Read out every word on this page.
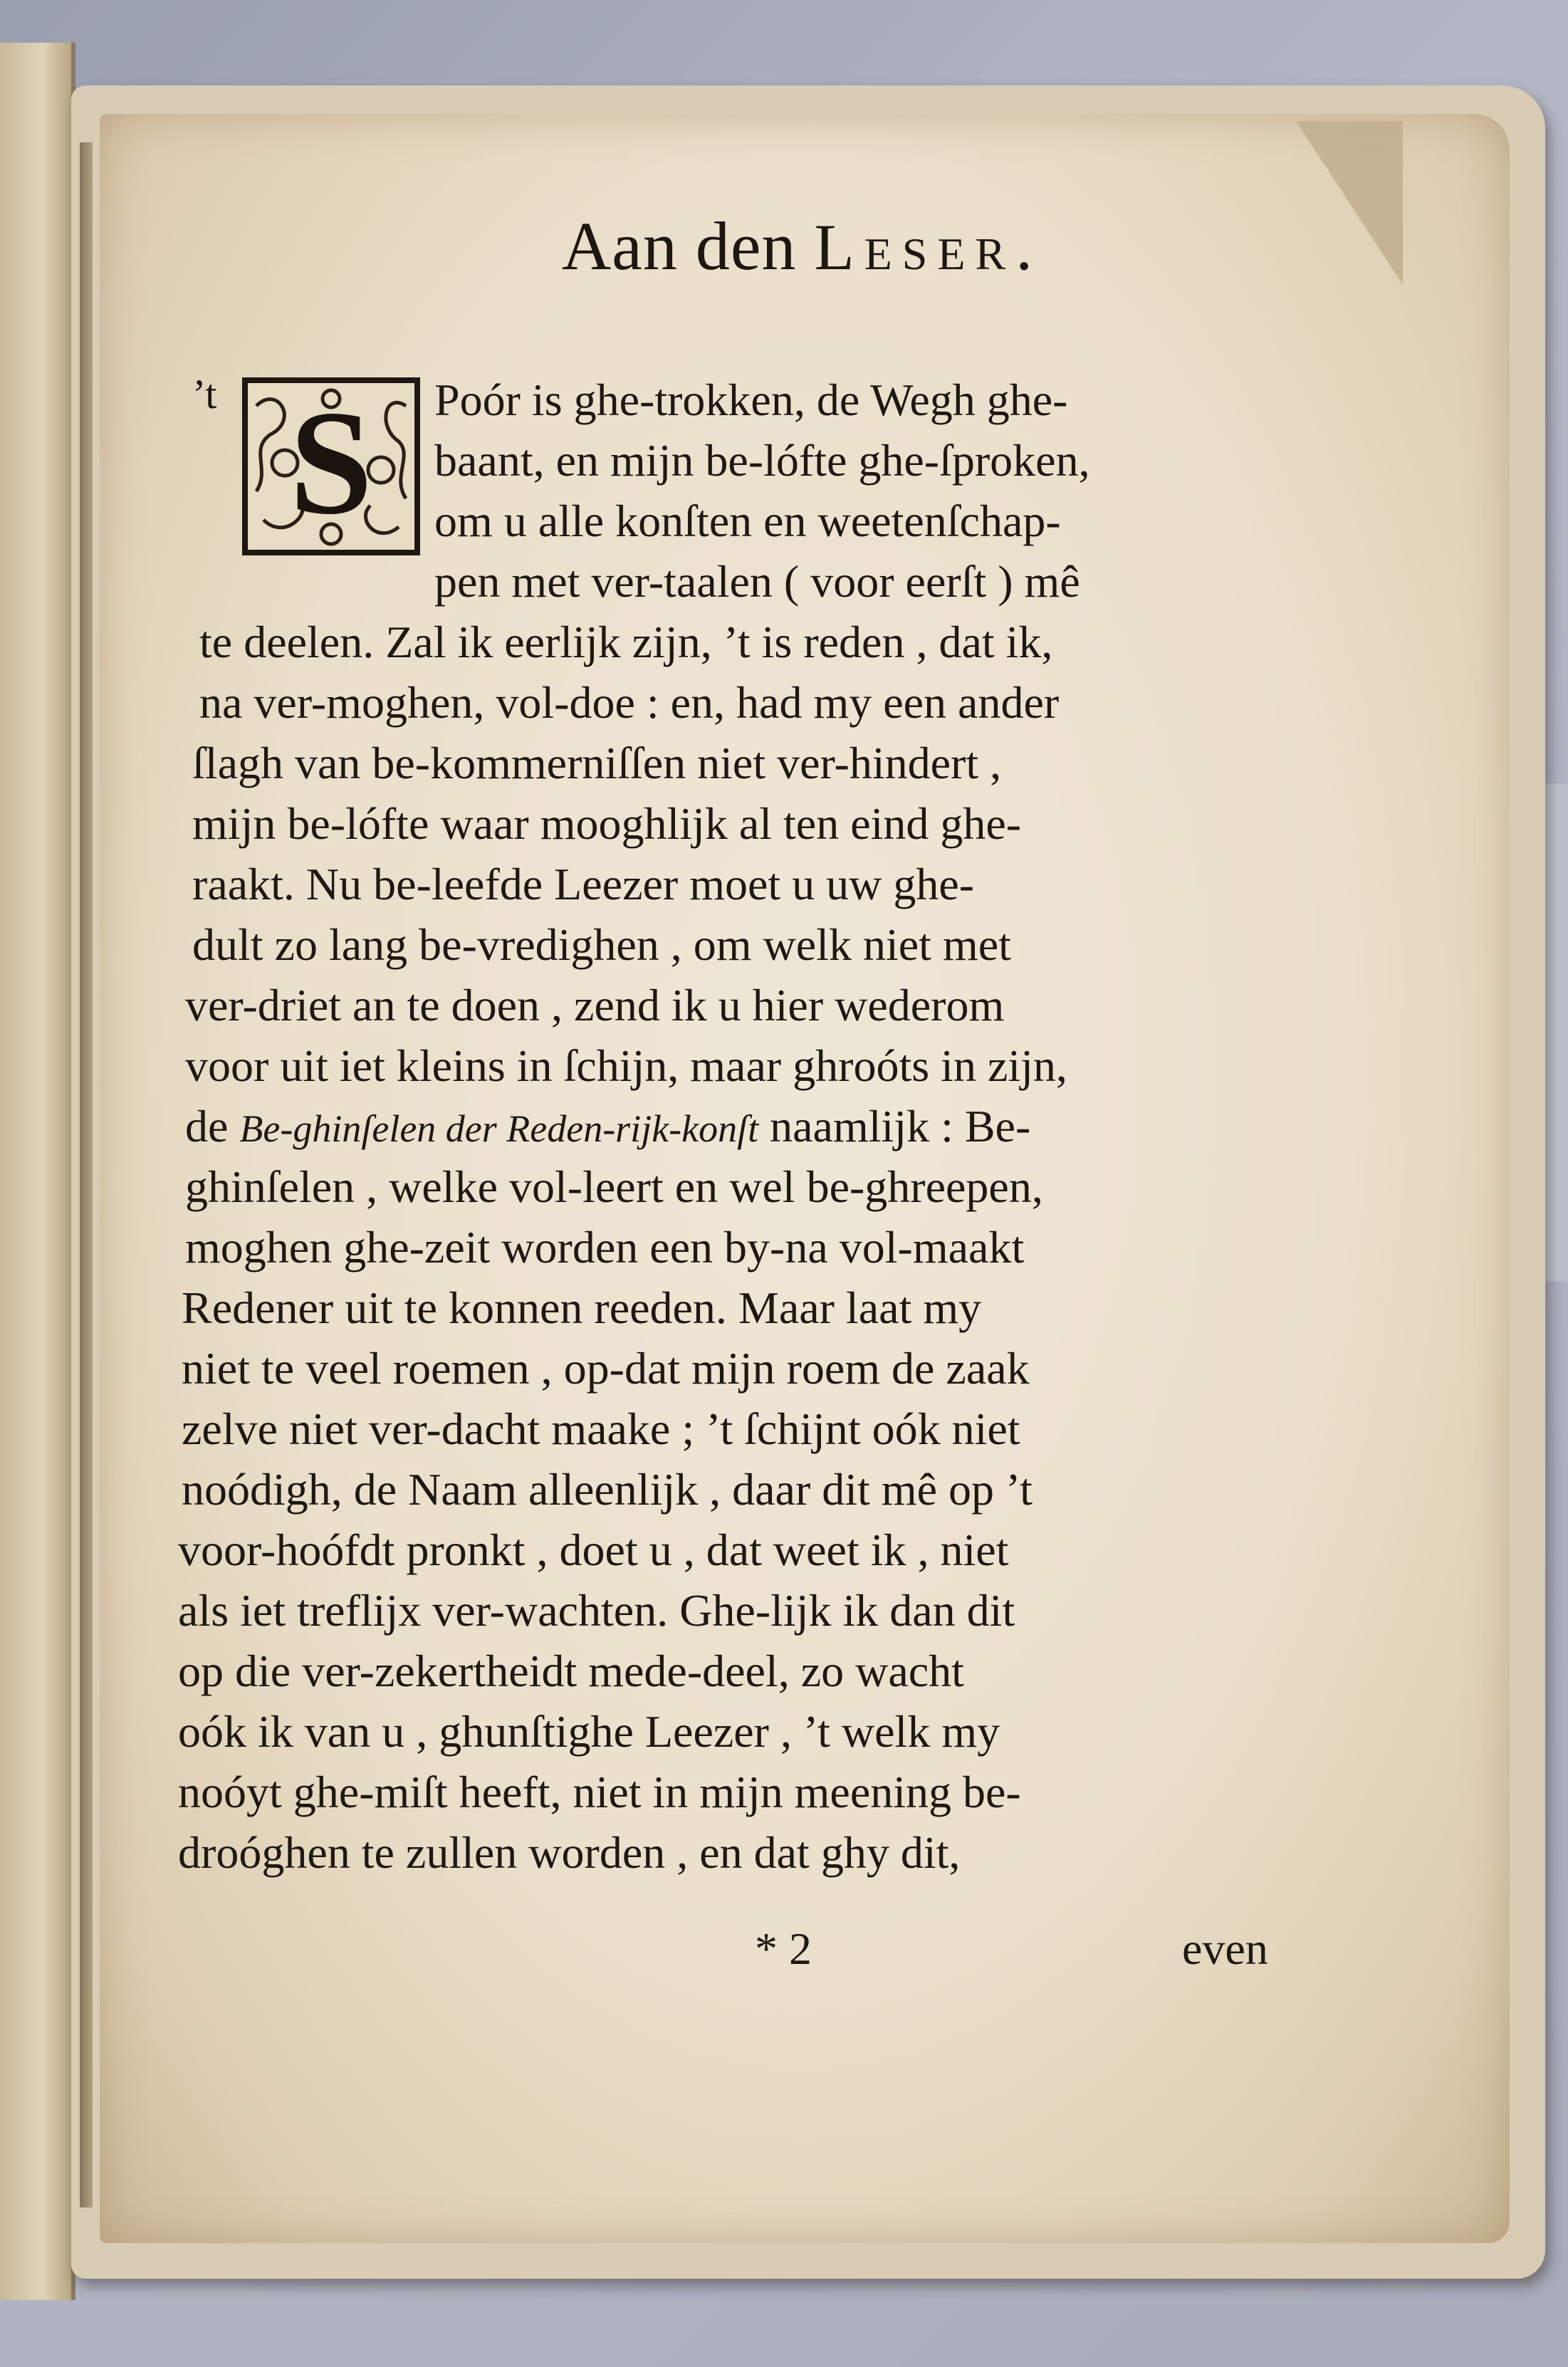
Aan den Leser.
’t S Poór is ghe-trokken, de Wegh ghe-
baant, en mijn be-lófte ghe-ſproken,
om u alle konſten en weetenſchap-
pen met ver-taalen ( voor eerſt ) mê
te deelen. Zal ik eerlijk zijn, ’t is reden , dat ik,
na ver-moghen, vol-doe : en, had my een ander
ſlagh van be-kommerniſſen niet ver-hindert ,
mijn be-lófte waar mooghlijk al ten eind ghe-
raakt. Nu be-leefde Leezer moet u uw ghe-
dult zo lang be-vredighen , om welk niet met
ver-driet an te doen , zend ik u hier wederom
voor uit iet kleins in ſchijn, maar ghroóts in zijn,
de Be-ghinſelen der Reden-rijk-konſt naamlijk : Be-
ghinſelen , welke vol-leert en wel be-ghreepen,
moghen ghe-zeit worden een by-na vol-maakt
Redener uit te konnen reeden. Maar laat my
niet te veel roemen , op-dat mijn roem de zaak
zelve niet ver-dacht maake ; ’t ſchijnt oók niet
noódigh, de Naam alleenlijk , daar dit mê op ’t
voor-hoófdt pronkt , doet u , dat weet ik , niet
als iet treflijx ver-wachten. Ghe-lijk ik dan dit
op die ver-zekertheidt mede-deel, zo wacht
oók ik van u , ghunſtighe Leezer , ’t welk my
noóyt ghe-miſt heeft, niet in mijn meening be-
droóghen te zullen worden , en dat ghy dit,
* 2	even
